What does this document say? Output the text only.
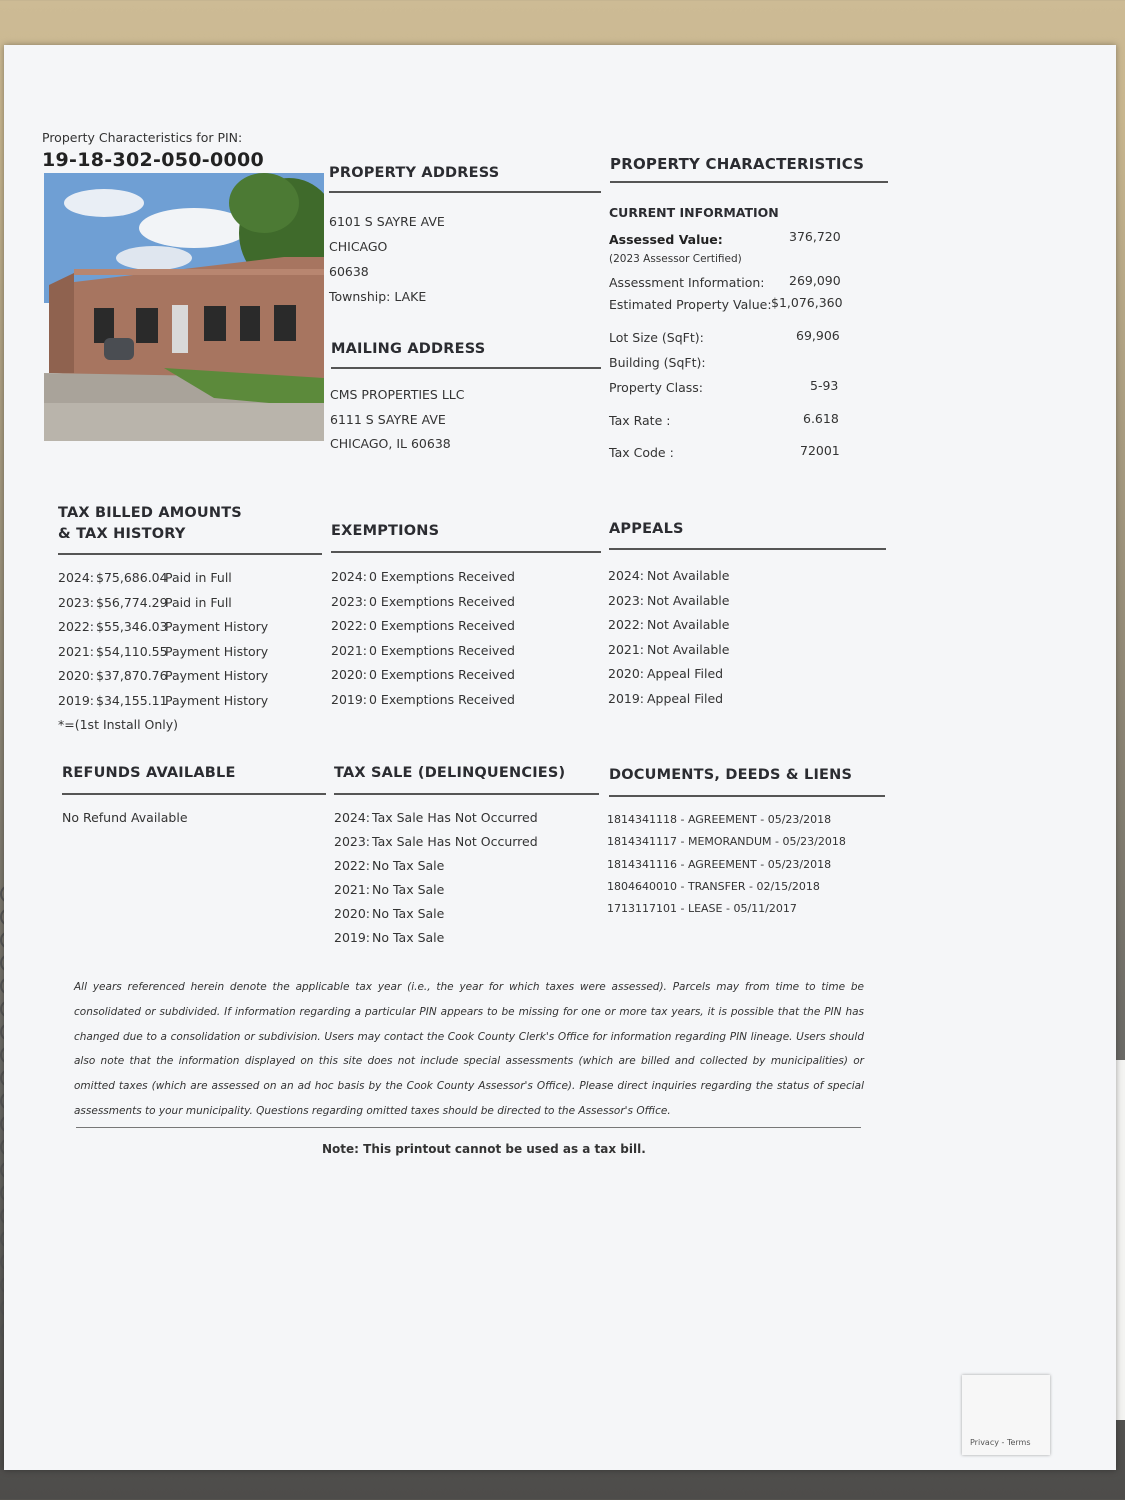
Property Characteristics for PIN:
19-18-302-050-0000
PROPERTY ADDRESS
6101 S SAYRE AVE
CHICAGO
60638
Township: LAKE
MAILING ADDRESS
CMS PROPERTIES LLC
6111 S SAYRE AVE
CHICAGO, IL 60638
PROPERTY CHARACTERISTICS
CURRENT INFORMATION
Assessed Value:	376,720
(2023 Assessor Certified)
Assessment Information: 269,090
Estimated Property Value: $1,076,360
Lot Size (SqFt):	69,906
Building (SqFt):
Property Class:	5-93
Tax Rate :	6.618
Tax Code :	72001
TAX BILLED AMOUNTS
& TAX HISTORY
2024: $75,686.04Paid in Full
2023: $56,774.29Paid in Full
2022: $55,346.03Payment History
2021: $54,110.55Payment History
2020: $37,870.76Payment History
2019: $34,155.11Payment History
*=(1st Install Only)
EXEMPTIONS
2024: 0 Exemptions Received
2023: 0 Exemptions Received
2022: 0 Exemptions Received
2021: 0 Exemptions Received
2020: 0 Exemptions Received
2019: 0 Exemptions Received
APPEALS
2024: Not Available
2023: Not Available
2022: Not Available
2021: Not Available
2020: Appeal Filed
2019: Appeal Filed
REFUNDS AVAILABLE
No Refund Available
TAX SALE (DELINQUENCIES)
2024: Tax Sale Has Not Occurred
2023: Tax Sale Has Not Occurred
2022: No Tax Sale
2021: No Tax Sale
2020: No Tax Sale
2019: No Tax Sale
DOCUMENTS, DEEDS & LIENS
1814341118 - AGREEMENT - 05/23/2018
1814341117 - MEMORANDUM - 05/23/2018
1814341116 - AGREEMENT - 05/23/2018
1804640010 - TRANSFER - 02/15/2018
1713117101 - LEASE - 05/11/2017
All years referenced herein denote the applicable tax year (i.e., the year for which taxes were assessed). Parcels may from time to time be consolidated or subdivided. If information regarding a particular PIN appears to be missing for one or more tax years, it is possible that the PIN has changed due to a consolidation or subdivision. Users may contact the Cook County Clerk's Office for information regarding PIN lineage. Users should also note that the information displayed on this site does not include special assessments (which are billed and collected by municipalities) or omitted taxes (which are assessed on an ad hoc basis by the Cook County Assessor's Office). Please direct inquiries regarding the status of special assessments to your municipality. Questions regarding omitted taxes should be directed to the Assessor's Office.
Note: This printout cannot be used as a tax bill.
Privacy - Terms
